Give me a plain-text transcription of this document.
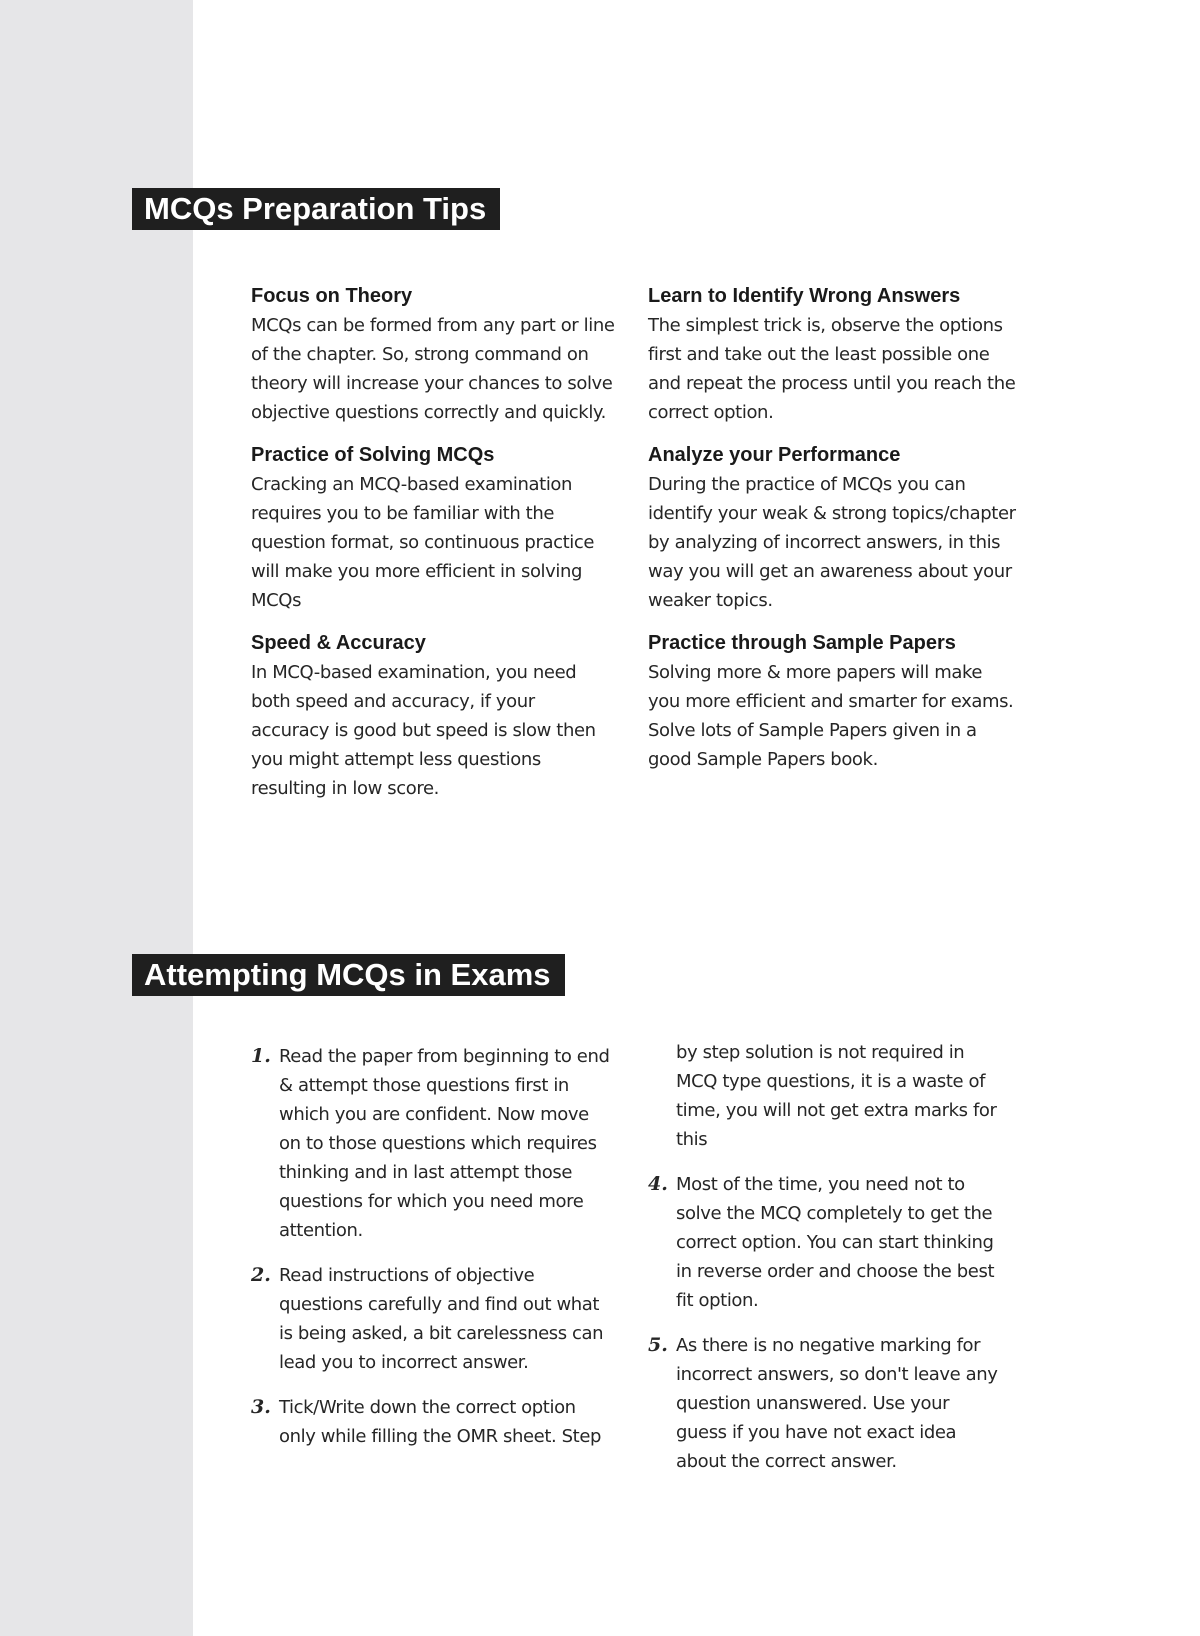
MCQs Preparation Tips
Focus on Theory
MCQs can be formed from any part or line of the chapter. So, strong command on theory will increase your chances to solve objective questions correctly and quickly.
Practice of Solving MCQs
Cracking an MCQ-based examination requires you to be familiar with the question format, so continuous practice will make you more efficient in solving MCQs
Speed & Accuracy
In MCQ-based examination, you need both speed and accuracy, if your accuracy is good but speed is slow then you might attempt less questions resulting in low score.
Learn to Identify Wrong Answers
The simplest trick is, observe the options first and take out the least possible one and repeat the process until you reach the correct option.
Analyze your Performance
During the practice of MCQs you can identify your weak & strong topics/chapter by analyzing of incorrect answers, in this way you will get an awareness about your weaker topics.
Practice through Sample Papers
Solving more & more papers will make you more efficient and smarter for exams. Solve lots of Sample Papers given in a good Sample Papers book.
Attempting MCQs in Exams
1. Read the paper from beginning to end & attempt those questions first in which you are confident. Now move on to those questions which requires thinking and in last attempt those questions for which you need more attention.
2. Read instructions of objective questions carefully and find out what is being asked, a bit carelessness can lead you to incorrect answer.
3. Tick/Write down the correct option only while filling the OMR sheet. Step
by step solution is not required in MCQ type questions, it is a waste of time, you will not get extra marks for this
4. Most of the time, you need not to solve the MCQ completely to get the correct option. You can start thinking in reverse order and choose the best fit option.
5. As there is no negative marking for incorrect answers, so don't leave any question unanswered. Use your guess if you have not exact idea about the correct answer.
